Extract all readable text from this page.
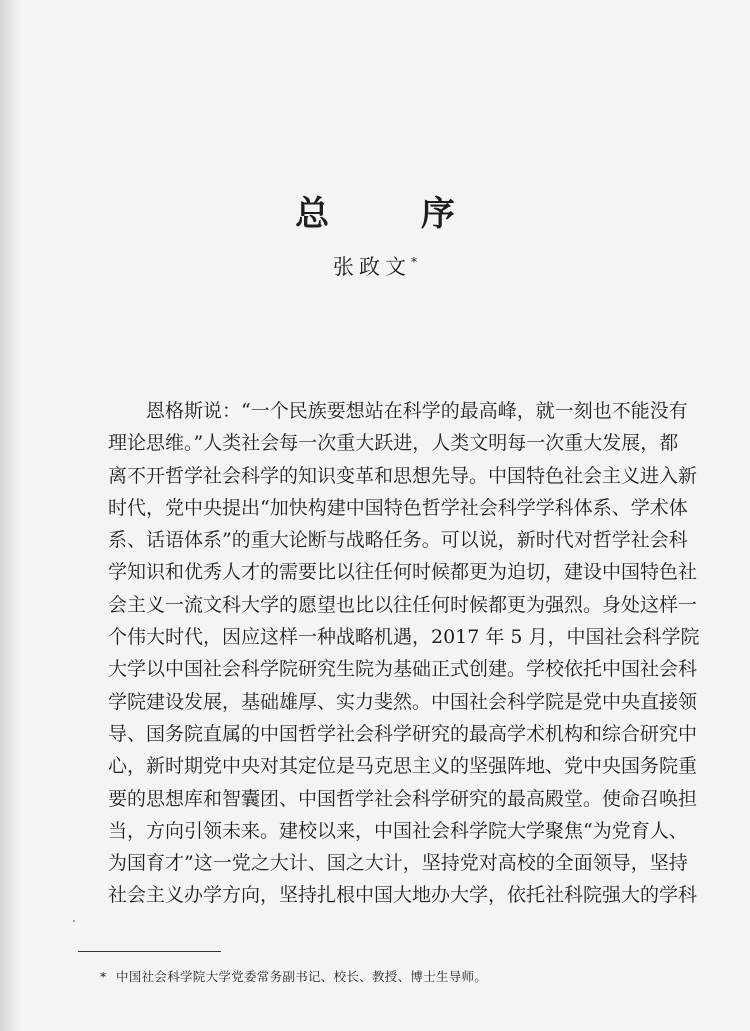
总 序
张政文*
恩格斯说：“一个民族要想站在科学的最高峰，就一刻也不能没有
理论思维。”人类社会每一次重大跃进，人类文明每一次重大发展，都
离不开哲学社会科学的知识变革和思想先导。中国特色社会主义进入新
时代，党中央提出“加快构建中国特色哲学社会科学学科体系、学术体
系、话语体系”的重大论断与战略任务。可以说，新时代对哲学社会科
学知识和优秀人才的需要比以往任何时候都更为迫切，建设中国特色社
会主义一流文科大学的愿望也比以往任何时候都更为强烈。身处这样一
个伟大时代，因应这样一种战略机遇，2017 年 5 月，中国社会科学院
大学以中国社会科学院研究生院为基础正式创建。学校依托中国社会科
学院建设发展，基础雄厚、实力斐然。中国社会科学院是党中央直接领
导、国务院直属的中国哲学社会科学研究的最高学术机构和综合研究中
心，新时期党中央对其定位是马克思主义的坚强阵地、党中央国务院重
要的思想库和智囊团、中国哲学社会科学研究的最高殿堂。使命召唤担
当，方向引领未来。建校以来，中国社会科学院大学聚焦“为党育人、
为国育才”这一党之大计、国之大计，坚持党对高校的全面领导，坚持
社会主义办学方向，坚持扎根中国大地办大学，依托社科院强大的学科
* 中国社会科学院大学党委常务副书记、校长、教授、博士生导师。
